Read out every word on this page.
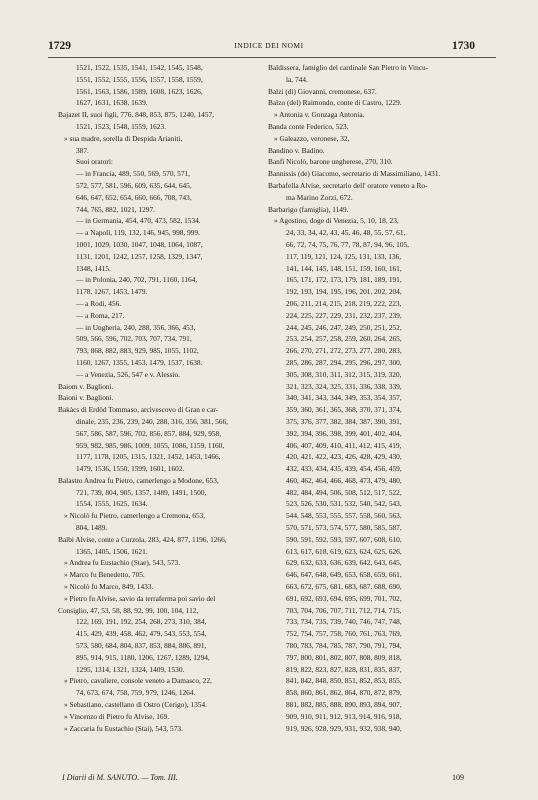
1729	INDICE DEI NOMI	1730
1521, 1522, 1535, 1541, 1542, 1545, 1548,
1551, 1552, 1555, 1556, 1557, 1558, 1559,
1561, 1563, 1586, 1589, 1608, 1623, 1626,
1627, 1631, 1638, 1639.
Bajazet II, suoi figli, 776, 848, 853, 875, 1240, 1457,
1521, 1523, 1548, 1559, 1623.
» sua madre, sorella di Despida Arianiti,
387.
Suoi oratori:
— in Francia, 489, 550, 569, 570, 571,
572, 577, 581, 596, 609, 635, 644, 645,
646, 647, 652, 654, 660, 666, 708, 743,
744, 765, 882, 1021, 1297.
— in Germania, 454, 470, 473, 582, 1534.
— a Napoli, 119, 132, 146, 945, 998, 999.
1001, 1029, 1030, 1047, 1048, 1064, 1087,
1131, 1201, 1242, 1257, 1258, 1329, 1347,
1348, 1415.
— in Polonia, 240, 702, 791, 1160, 1164,
1178, 1267, 1453, 1479.
— a Rodi, 456.
— a Roma, 217.
— in Ungheria, 240, 288, 356, 366, 453,
509, 566, 596, 702, 703, 707, 734, 791,
793, 868, 882, 883, 929, 985, 1055, 1102,
1160, 1267, 1355, 1453, 1479, 1537, 1638.
— a Venezia, 526, 547 e v. Alessio.
Baiom v. Baglioni.
Baioni v. Baglioni.
Bakàcs di Erdöd Tommaso, arcivescovo di Gran e car-
dinale, 235, 236, 239, 240, 288, 316, 356, 381, 566,
567, 586, 587, 596, 702, 856, 857, 884, 929, 958,
959, 982, 985, 986, 1009, 1055, 1086, 1159, 1160,
1177, 1178, 1205, 1315, 1321, 1452, 1453, 1466,
1479, 1536, 1550, 1599, 1601, 1602.
Balastro Andrea fu Pietro, camerlengo a Modone, 653,
721, 739, 804, 905, 1357, 1489, 1491, 1500,
1554, 1555, 1625, 1634.
» Nicolò fu Pietro, camerlengo a Cremona, 653,
804, 1489.
Balbi Alvise, conte a Curzola, 283, 424, 877, 1196, 1266,
1365, 1405, 1506, 1621.
» Andrea fu Eustachio (Stae), 543, 573.
» Marco fu Benedetto, 705.
» Nicolò fu Marco, 849, 1433.
» Pietro fu Alvise, savio da terraferma poi savio del
Consiglio, 47, 53, 58, 88, 92, 99, 100, 104, 112,
122, 169, 191, 192, 254, 268, 273, 310, 384,
415, 429, 439, 458, 462, 479, 543, 553, 554,
573, 580, 684, 804, 837, 853, 884, 886, 891,
895, 914, 915, 1180, 1206, 1267, 1289, 1294,
1295, 1314, 1321, 1324, 1409, 1530.
» Pietro, cavaliere, console veneto a Damasco, 22,
74, 673, 674, 758, 759, 979, 1246, 1264.
» Sebastiano, castellano di Ostro (Cerigo), 1354.
» Vincenzo di Pietro fu Alvise, 169.
» Zaccaria fu Eustachio (Stai), 543, 573.
Baldissera, famiglio del cardinale San Pietro in Vincu-
la, 744.
Balzi (di) Giovanni, cremonese, 637.
Balzo (del) Raimondo, conte di Castro, 1229.
» Antonia v. Gonzaga Antonia.
Banda conte Federico, 523.
» Galeazzo, veronese, 32,
Bandino v. Badino.
Banfi Nicolò, barone ungherese, 270, 310.
Bannissis (de) Giacomo, secretario di Massimiliano, 1431.
Barbafella Alvise, secretario dell' oratore veneto a Ro-
ma Marino Zorzi, 672.
Barbarigo (famiglia), 1149.
» Agostino, doge di Venezia, 5, 10, 18, 23,
24, 33, 34, 42, 43, 45, 46, 48, 55, 57, 61,
66, 72, 74, 75, 76, 77, 78, 87, 94, 96, 105,
117, 119, 121, 124, 125, 131, 133, 136,
141, 144, 145, 148, 151, 159, 160, 161,
165, 171, 172, 173, 179, 181, 189, 191,
192, 193, 194, 195, 196, 201, 202, 204,
206, 211, 214, 215, 218, 219, 222, 223,
224, 225, 227, 229, 231, 232, 237, 239,
244, 245, 246, 247, 249, 250, 251, 252,
253, 254, 257, 258, 259, 260, 264, 265,
266, 270, 271, 272, 273, 277, 280, 283,
285, 286, 287, 294, 295, 296, 297, 300,
305, 308, 310, 311, 312, 315, 319, 320,
321, 323, 324, 325, 331, 336, 338, 339,
340, 341, 343, 344, 349, 353, 354, 357,
359, 360, 361, 365, 368, 370, 371, 374,
375, 376, 377, 382, 384, 387, 390, 391,
392, 394, 396, 398, 399, 401, 402, 404,
406, 407, 409, 410, 411, 412, 415, 419,
420, 421, 422, 423, 426, 428, 429, 430,
432, 433, 434, 435, 439, 454, 456, 459,
460, 462, 464, 466, 468, 473, 479, 480,
482, 484, 494, 506, 508, 512, 517, 522,
523, 526, 530, 531, 532, 540, 542, 543,
544, 548, 553, 555, 557, 558, 560, 563,
570, 571, 573, 574, 577, 580, 585, 587,
590, 591, 592, 593, 597, 607, 608, 610,
613, 617, 618, 619, 623, 624, 625, 626,
629, 632, 633, 636, 639, 642, 643, 645,
646, 647, 648, 649, 653, 658, 659, 661,
663, 672, 675, 681, 683, 687, 688, 690,
691, 692, 693, 694, 695, 699, 701, 702,
703, 704, 706, 707, 711, 712, 714, 715,
733, 734, 735, 739, 740, 746, 747, 748,
752, 754, 757, 758, 760, 761, 763, 769,
780, 783, 784, 785, 787, 790, 791, 794,
797, 800, 801, 802, 807, 808, 809, 818,
819, 822, 823, 827, 828, 831, 835, 837,
841, 842, 848, 850, 851, 852, 853, 855,
858, 860, 861, 862, 864, 870, 872, 879,
881, 882, 885, 888, 890, 893, 894, 907,
909, 910, 911, 912, 913, 914, 916, 918,
919, 926, 928, 929, 931, 932, 938, 940,
I Diarii di M. SANUTO. — Tom. III.	109
